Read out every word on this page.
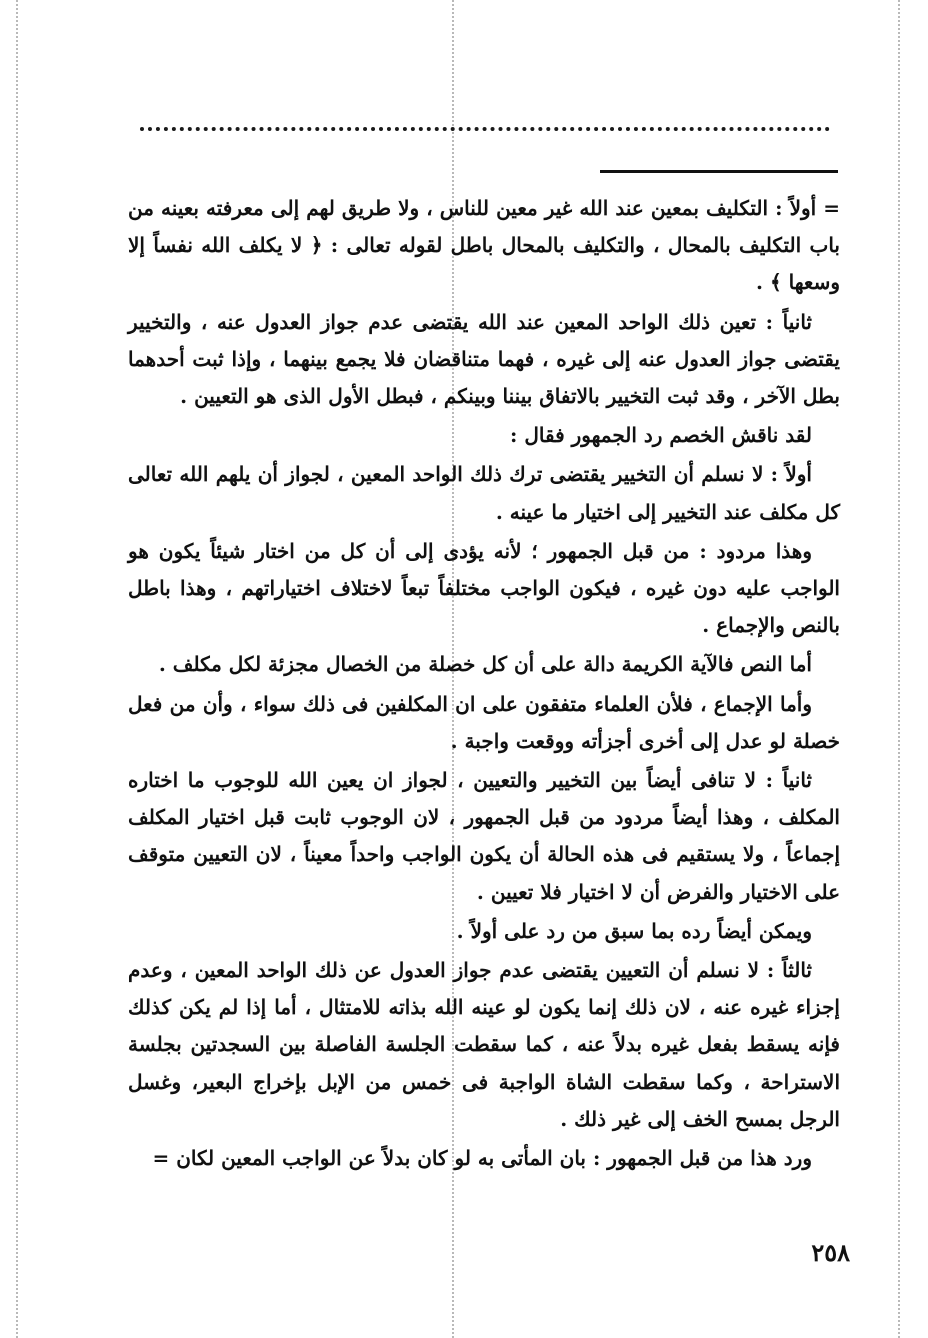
= أولاً : التكليف بمعين عند الله غير معين للناس ، ولا طريق لهم إلى معرفته بعينه من باب التكليف بالمحال ، والتكليف بالمحال باطل لقوله تعالى : ﴿ لا يكلف الله نفساً إلا وسعها ﴾ .

ثانياً : تعين ذلك الواحد المعين عند الله يقتضى عدم جواز العدول عنه ، والتخيير يقتضى جواز العدول عنه إلى غيره ، فهما متناقضان فلا يجمع بينهما ، وإذا ثبت أحدهما بطل الآخر ، وقد ثبت التخيير بالاتفاق بيننا وبينكم ، فبطل الأول الذى هو التعيين .

لقد ناقش الخصم رد الجمهور فقال :

أولاً : لا نسلم أن التخيير يقتضى ترك ذلك الواحد المعين ، لجواز أن يلهم الله تعالى كل مكلف عند التخيير إلى اختيار ما عينه .

وهذا مردود : من قبل الجمهور ؛ لأنه يؤدى إلى أن كل من اختار شيئاً يكون هو الواجب عليه دون غيره ، فيكون الواجب مختلفاً تبعاً لاختلاف اختياراتهم ، وهذا باطل بالنص والإجماع .

أما النص فالآية الكريمة دالة على أن كل خصلة من الخصال مجزئة لكل مكلف .

وأما الإجماع ، فلأن العلماء متفقون على ان المكلفين فى ذلك سواء ، وأن من فعل خصلة لو عدل إلى أخرى أجزأته ووقعت واجبة .

ثانياً : لا تنافى أيضاً بين التخيير والتعيين ، لجواز ان يعين الله للوجوب ما اختاره المكلف ، وهذا أيضاً مردود من قبل الجمهور ، لان الوجوب ثابت قبل اختيار المكلف إجماعاً ، ولا يستقيم فى هذه الحالة أن يكون الواجب واحداً معيناً ، لان التعيين متوقف على الاختيار والفرض أن لا اختيار فلا تعيين .

ويمكن أيضاً رده بما سبق من رد على أولاً .

ثالثاً : لا نسلم أن التعيين يقتضى عدم جواز العدول عن ذلك الواحد المعين ، وعدم إجزاء غيره عنه ، لان ذلك إنما يكون لو عينه الله بذاته للامتثال ، أما إذا لم يكن كذلك فإنه يسقط بفعل غيره بدلاً عنه ، كما سقطت الجلسة الفاصلة بين السجدتين بجلسة الاستراحة ، وكما سقطت الشاة الواجبة فى خمس من الإبل بإخراج البعير، وغسل الرجل بمسح الخف إلى غير ذلك .

ورد هذا من قبل الجمهور : بان المأتى به لو كان بدلاً عن الواجب المعين لكان =

٢٥٨
